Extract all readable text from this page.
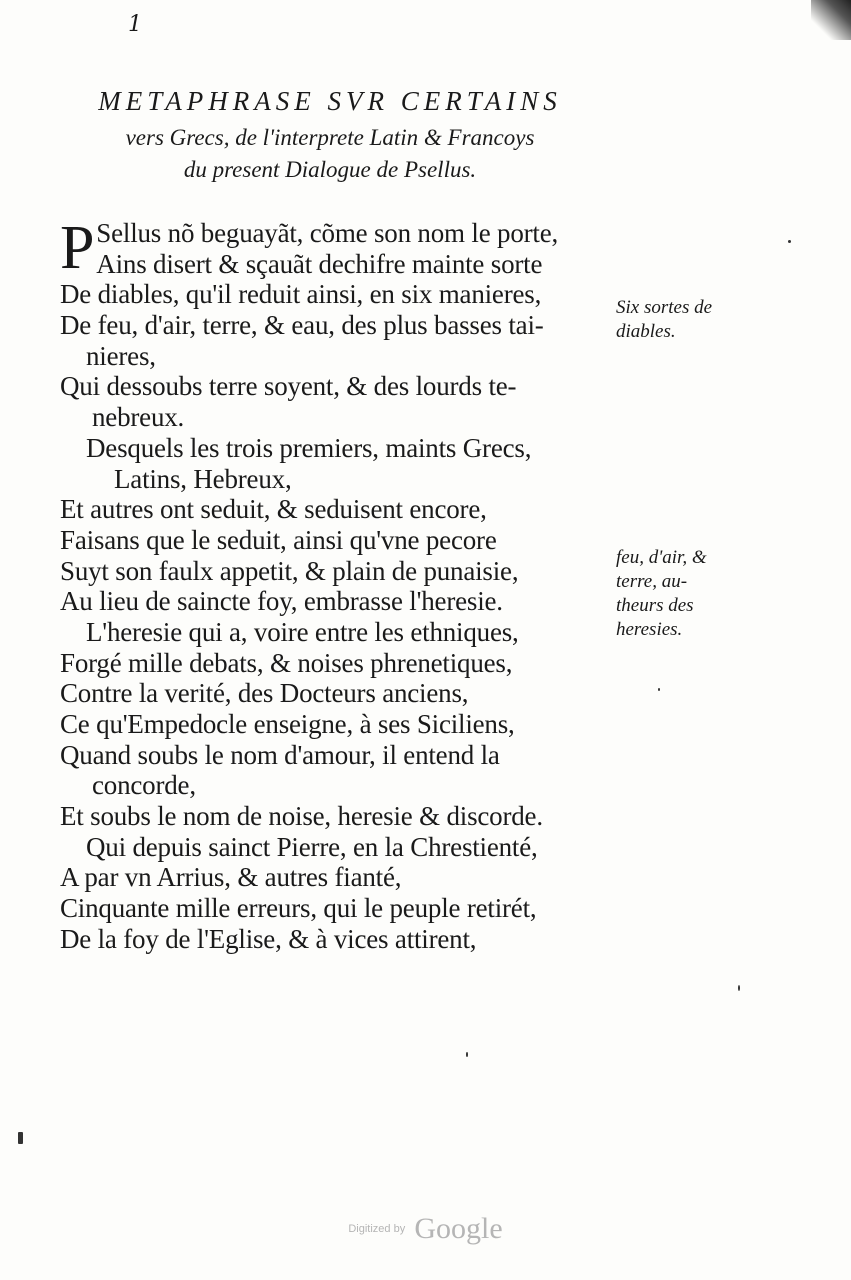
1
METAPHRASE SVR CERTAINS
vers Grecs, de l'interprete Latin & Francoys
du present Dialogue de Psellus.
P Sellus nõ beguayãt, cõme son nom le porte,
Ains disert & sçauãt dechifre mainte sorte
De diables, qu'il reduit ainsi, en six manieres,
De feu, d'air, terre, & eau, des plus basses tai-
nieres,
Qui dessoubs terre soyent, & des lourds te-
nebreux.
Desquels les trois premiers, maints Grecs,
Latins, Hebreux,
Et autres ont seduit, & seduisent encore,
Faisans que le seduit, ainsi qu'vne pecore
Suyt son faulx appetit, & plain de punaisie,
Au lieu de saincte foy, embrasse l'heresie.
L'heresie qui a, voire entre les ethniques,
Forgé mille debats, & noises phrenetiques,
Contre la verité, des Docteurs anciens,
Ce qu'Empedocle enseigne, à ses Siciliens,
Quand soubs le nom d'amour, il entend la
concorde,
Et soubs le nom de noise, heresie & discorde.
Qui depuis sainct Pierre, en la Chrestienté,
A par vn Arrius, & autres fianté,
Cinquante mille erreurs, qui le peuple retirét,
De la foy de l'Eglise, & à vices attirent,
Six sortes de
diables.
feu, d'air, &
terre, au-
theurs des
heresies.
Digitized by Google
